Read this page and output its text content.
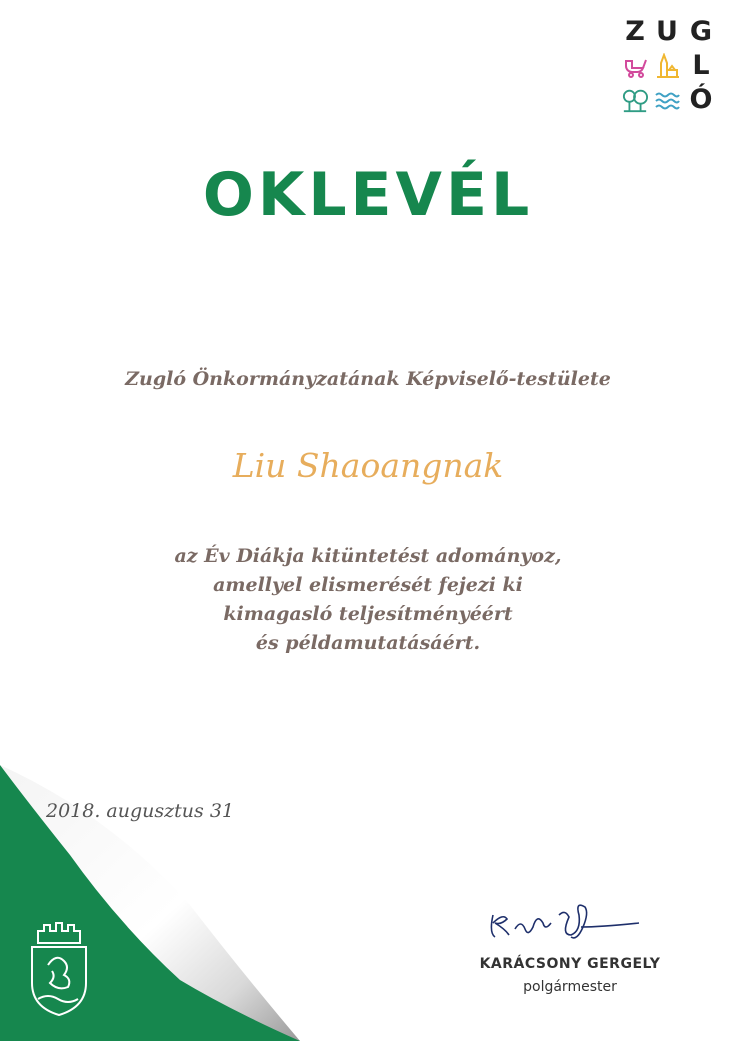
Z U G
L
Ó
OKLEVÉL
Zugló Önkormányzatának Képviselő-testülete
Liu Shaoangnak
az Év Diákja kitüntetést adományoz,
amellyel elismerését fejezi ki
kimagasló teljesítményéért
és példamutatásáért.
2018. augusztus 31
KARÁCSONY GERGELY
polgármester
